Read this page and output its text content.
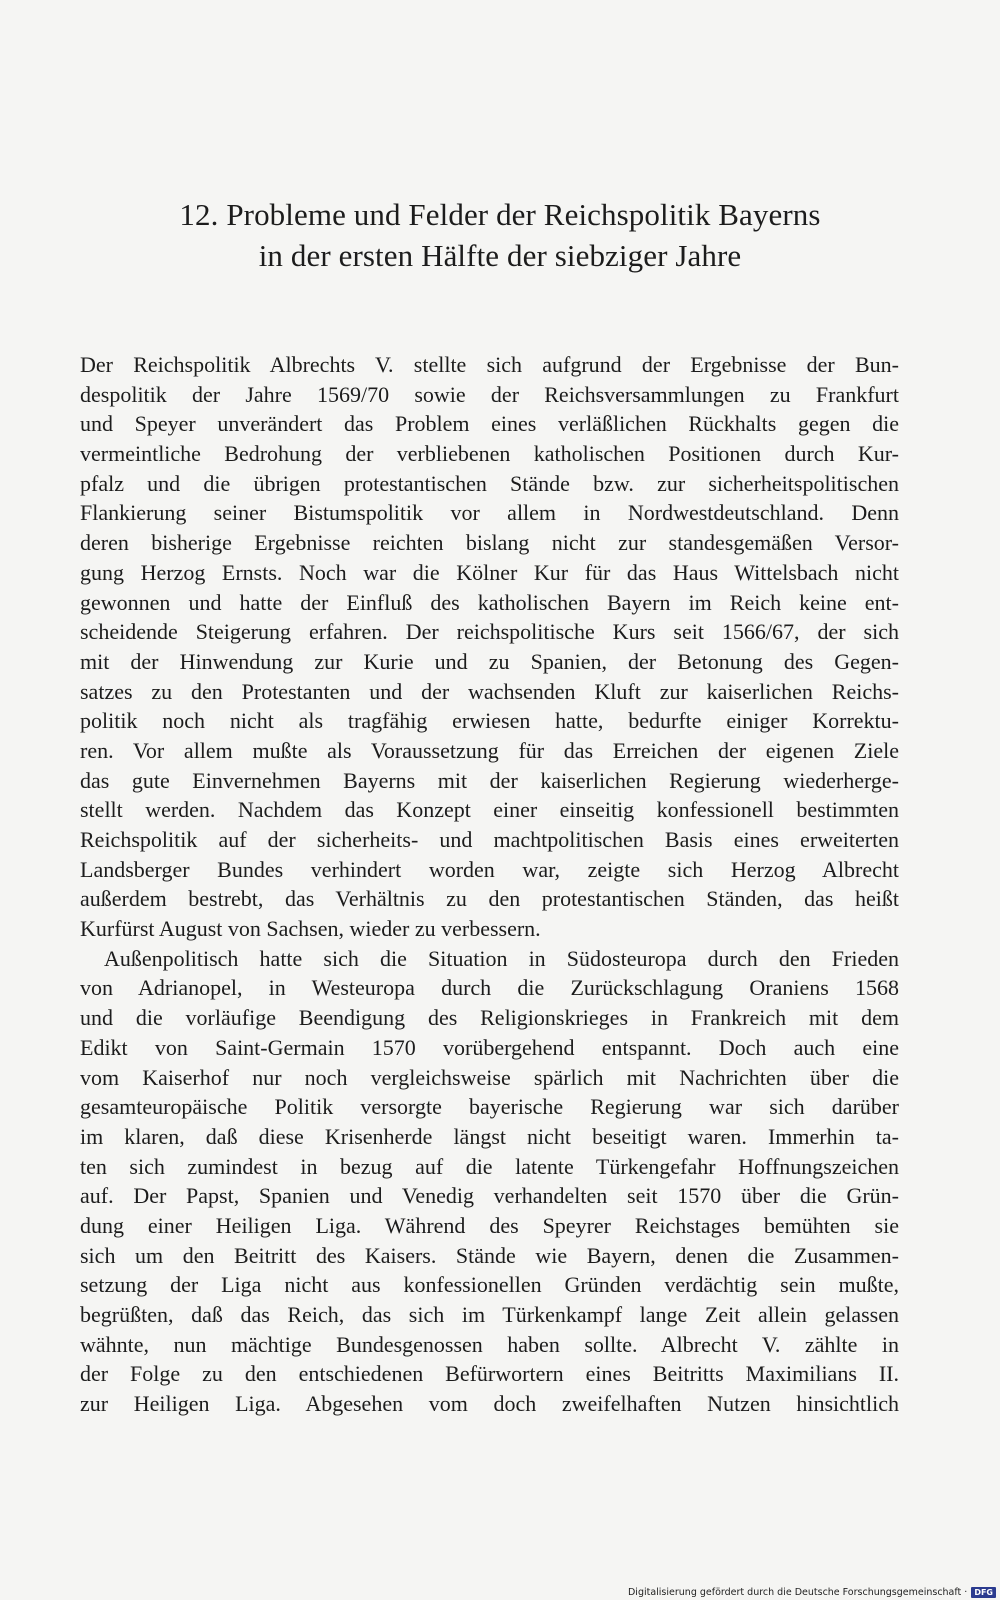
12. Probleme und Felder der Reichspolitik Bayerns
in der ersten Hälfte der siebziger Jahre

Der Reichspolitik Albrechts V. stellte sich aufgrund der Ergebnisse der Bun-
despolitik der Jahre 1569/70 sowie der Reichsversammlungen zu Frankfurt
und Speyer unverändert das Problem eines verläßlichen Rückhalts gegen die
vermeintliche Bedrohung der verbliebenen katholischen Positionen durch Kur-
pfalz und die übrigen protestantischen Stände bzw. zur sicherheitspolitischen
Flankierung seiner Bistumspolitik vor allem in Nordwestdeutschland. Denn
deren bisherige Ergebnisse reichten bislang nicht zur standesgemäßen Versor-
gung Herzog Ernsts. Noch war die Kölner Kur für das Haus Wittelsbach nicht
gewonnen und hatte der Einfluß des katholischen Bayern im Reich keine ent-
scheidende Steigerung erfahren. Der reichspolitische Kurs seit 1566/67, der sich
mit der Hinwendung zur Kurie und zu Spanien, der Betonung des Gegen-
satzes zu den Protestanten und der wachsenden Kluft zur kaiserlichen Reichs-
politik noch nicht als tragfähig erwiesen hatte, bedurfte einiger Korrektu-
ren. Vor allem mußte als Voraussetzung für das Erreichen der eigenen Ziele
das gute Einvernehmen Bayerns mit der kaiserlichen Regierung wiederherge-
stellt werden. Nachdem das Konzept einer einseitig konfessionell bestimmten
Reichspolitik auf der sicherheits- und machtpolitischen Basis eines erweiterten
Landsberger Bundes verhindert worden war, zeigte sich Herzog Albrecht
außerdem bestrebt, das Verhältnis zu den protestantischen Ständen, das heißt
Kurfürst August von Sachsen, wieder zu verbessern.

Außenpolitisch hatte sich die Situation in Südosteuropa durch den Frieden
von Adrianopel, in Westeuropa durch die Zurückschlagung Oraniens 1568
und die vorläufige Beendigung des Religionskrieges in Frankreich mit dem
Edikt von Saint-Germain 1570 vorübergehend entspannt. Doch auch eine
vom Kaiserhof nur noch vergleichsweise spärlich mit Nachrichten über die
gesamteuropäische Politik versorgte bayerische Regierung war sich darüber
im klaren, daß diese Krisenherde längst nicht beseitigt waren. Immerhin ta-
ten sich zumindest in bezug auf die latente Türkengefahr Hoffnungszeichen
auf. Der Papst, Spanien und Venedig verhandelten seit 1570 über die Grün-
dung einer Heiligen Liga. Während des Speyrer Reichstages bemühten sie
sich um den Beitritt des Kaisers. Stände wie Bayern, denen die Zusammen-
setzung der Liga nicht aus konfessionellen Gründen verdächtig sein mußte,
begrüßten, daß das Reich, das sich im Türkenkampf lange Zeit allein gelassen
wähnte, nun mächtige Bundesgenossen haben sollte. Albrecht V. zählte in
der Folge zu den entschiedenen Befürwortern eines Beitritts Maximilians II.
zur Heiligen Liga. Abgesehen vom doch zweifelhaften Nutzen hinsichtlich

Digitalisierung gefördert durch die Deutsche Forschungsgemeinschaft · DFG
